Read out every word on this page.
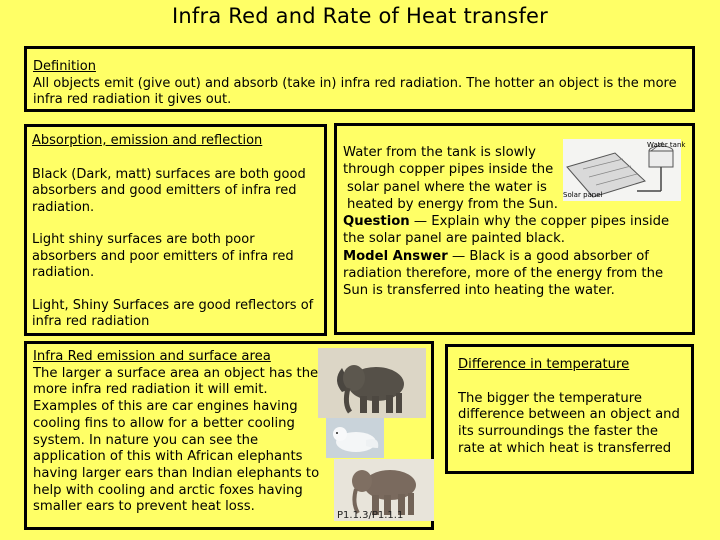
Infra Red and Rate of Heat transfer
Definition
All objects emit (give out) and absorb (take in) infra red radiation. The hotter an object is the more infra red radiation it gives out.
Absorption, emission and reflection

Black (Dark, matt) surfaces are both good absorbers and good emitters of infra red radiation.

Light shiny surfaces are both poor absorbers and poor emitters of infra red radiation.

Light, Shiny Surfaces are good reflectors of infra red radiation

Water tank
Solar panel
Water from the tank is slowly
through copper pipes inside the
solar panel where the water is
heated by energy from the Sun.

Question — Explain why the copper pipes inside the solar panel are painted black.

Model Answer — Black is a good absorber of radiation therefore, more of the energy from the Sun is transferred into heating the water.

Infra Red emission and surface area
The larger a surface area an object has the more infra red radiation it will emit. Examples of this are car engines having cooling fins to allow for a better cooling system. In nature you can see the application of this with African elephants having larger ears than Indian elephants to help with cooling and arctic foxes having smaller ears to prevent heat loss.
Difference in temperature

The bigger the temperature difference between an object and its surroundings the faster the rate at which heat is transferred

P1.1.3/P1.1.1
